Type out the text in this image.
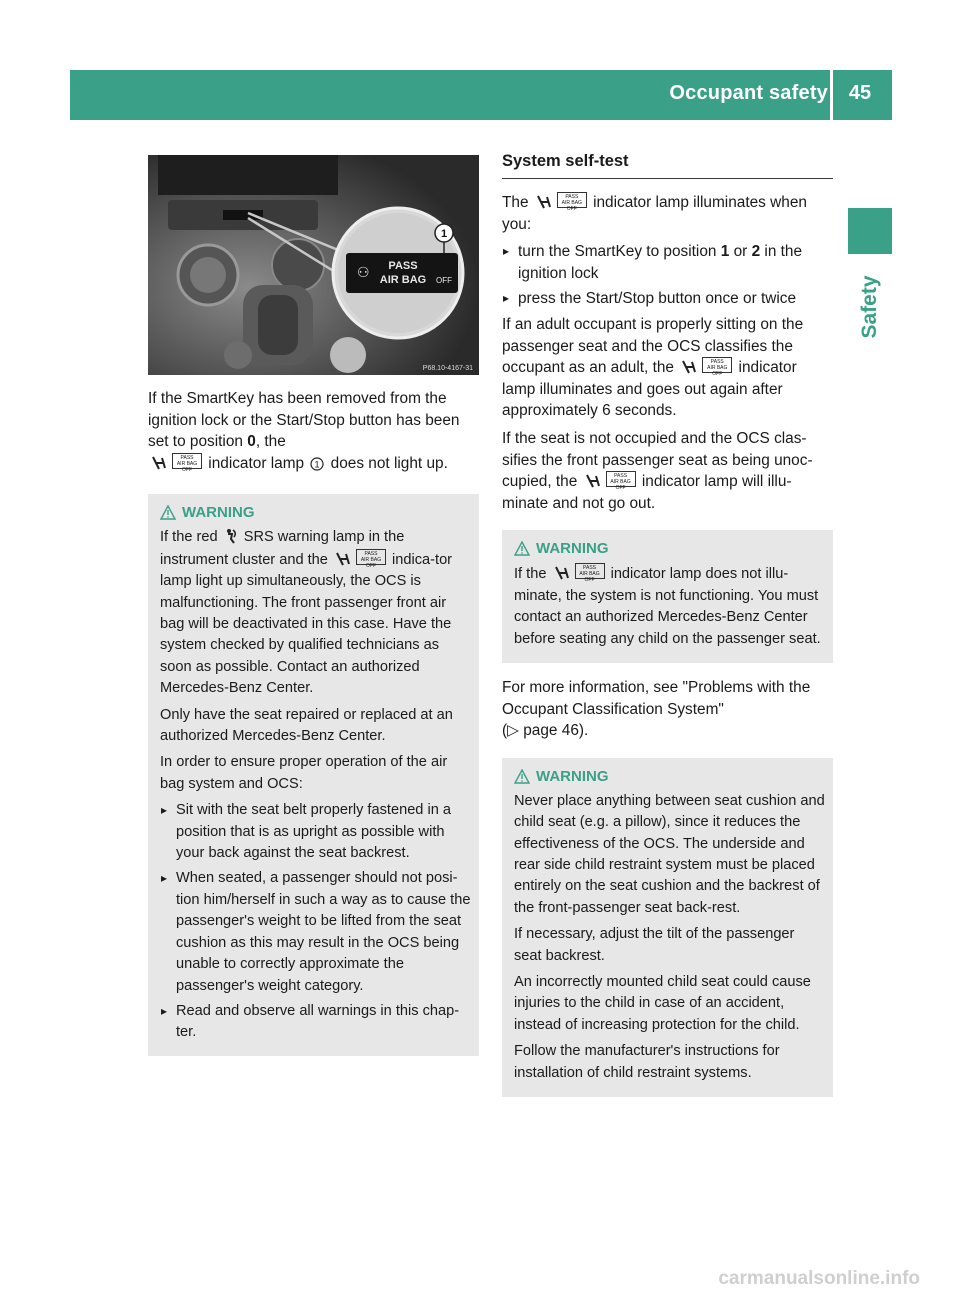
Occupant safety	45
Safety
PASS
AIR BAG OFF
⚇
1
P68.10-4167-31

If the SmartKey has been removed from the ignition lock or the Start/Stop button has been set to position 0, the
PASS
AIR BAG OFF indicator lamp 1 does not light up.

WARNING

If the red  SRS warning lamp in the instrument cluster and the	PASS
AIR BAG OFF indica-tor lamp light up simultaneously, the OCS is malfunctioning. The front passenger front air bag will be deactivated in this case. Have the system checked by qualified technicians as soon as possible. Contact an authorized Mercedes-Benz Center.

Only have the seat repaired or replaced at an authorized Mercedes-Benz Center.

In order to ensure proper operation of the air bag system and OCS:

▸ Sit with the seat belt properly fastened in a position that is as upright as possible with your back against the seat backrest.
▸ When seated, a passenger should not posi-tion him/herself in such a way as to cause the passenger's weight to be lifted from the seat cushion as this may result in the OCS being unable to correctly approximate the passenger's weight category.
▸ Read and observe all warnings in this chap-ter.
System self-test

The	PASS
AIR BAG OFF indicator lamp illuminates when you:

▸ turn the SmartKey to position 1 or 2 in the ignition lock
▸ press the Start/Stop button once or twice

If an adult occupant is properly sitting on the passenger seat and the OCS classifies the occupant as an adult, the	PASS
AIR BAG OFF indicator lamp illuminates and goes out again after approximately 6 seconds.

If the seat is not occupied and the OCS clas-sifies the front passenger seat as being unoc-cupied, the	PASS
AIR BAG OFF indicator lamp will illu-minate and not go out.

WARNING

If the	PASS
AIR BAG OFF indicator lamp does not illu-minate, the system is not functioning. You must contact an authorized Mercedes-Benz Center before seating any child on the passenger seat.

For more information, see "Problems with the Occupant Classification System"
(▷ page 46).

WARNING

Never place anything between seat cushion and child seat (e.g. a pillow), since it reduces the effectiveness of the OCS. The underside and rear side child restraint system must be placed entirely on the seat cushion and the backrest of the front-passenger seat back-rest.

If necessary, adjust the tilt of the passenger seat backrest.

An incorrectly mounted child seat could cause injuries to the child in case of an accident, instead of increasing protection for the child.

Follow the manufacturer's instructions for installation of child restraint systems.

carmanualsonline.info
